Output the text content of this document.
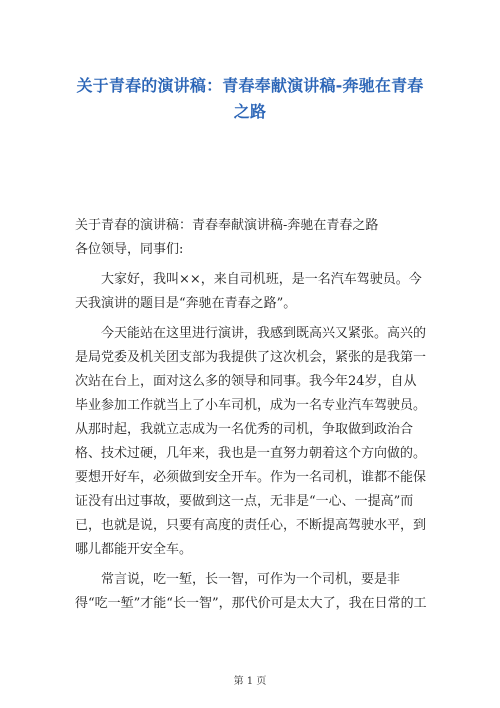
关于青春的演讲稿：青春奉献演讲稿-奔驰在青春之路

关于青春的演讲稿：青春奉献演讲稿-奔驰在青春之路

各位领导，同事们:

大家好，我叫××，来自司机班，是一名汽车驾驶员。今天我演讲的题目是“奔驰在青春之路”。

今天能站在这里进行演讲，我感到既高兴又紧张。高兴的是局党委及机关团支部为我提供了这次机会，紧张的是我第一次站在台上，面对这么多的领导和同事。我今年24岁，自从毕业参加工作就当上了小车司机，成为一名专业汽车驾驶员。从那时起，我就立志成为一名优秀的司机，争取做到政治合格、技术过硬，几年来，我也是一直努力朝着这个方向做的。要想开好车，必须做到安全开车。作为一名司机，谁都不能保证没有出过事故，要做到这一点，无非是“一心、一提高”而已，也就是说，只要有高度的责任心，不断提高驾驶水平，到哪儿都能开安全车。

常言说，吃一堑，长一智，可作为一个司机，要是非得“吃一堑”才能“长一智”，那代价可是太大了，我在日常的工

第 1 页
